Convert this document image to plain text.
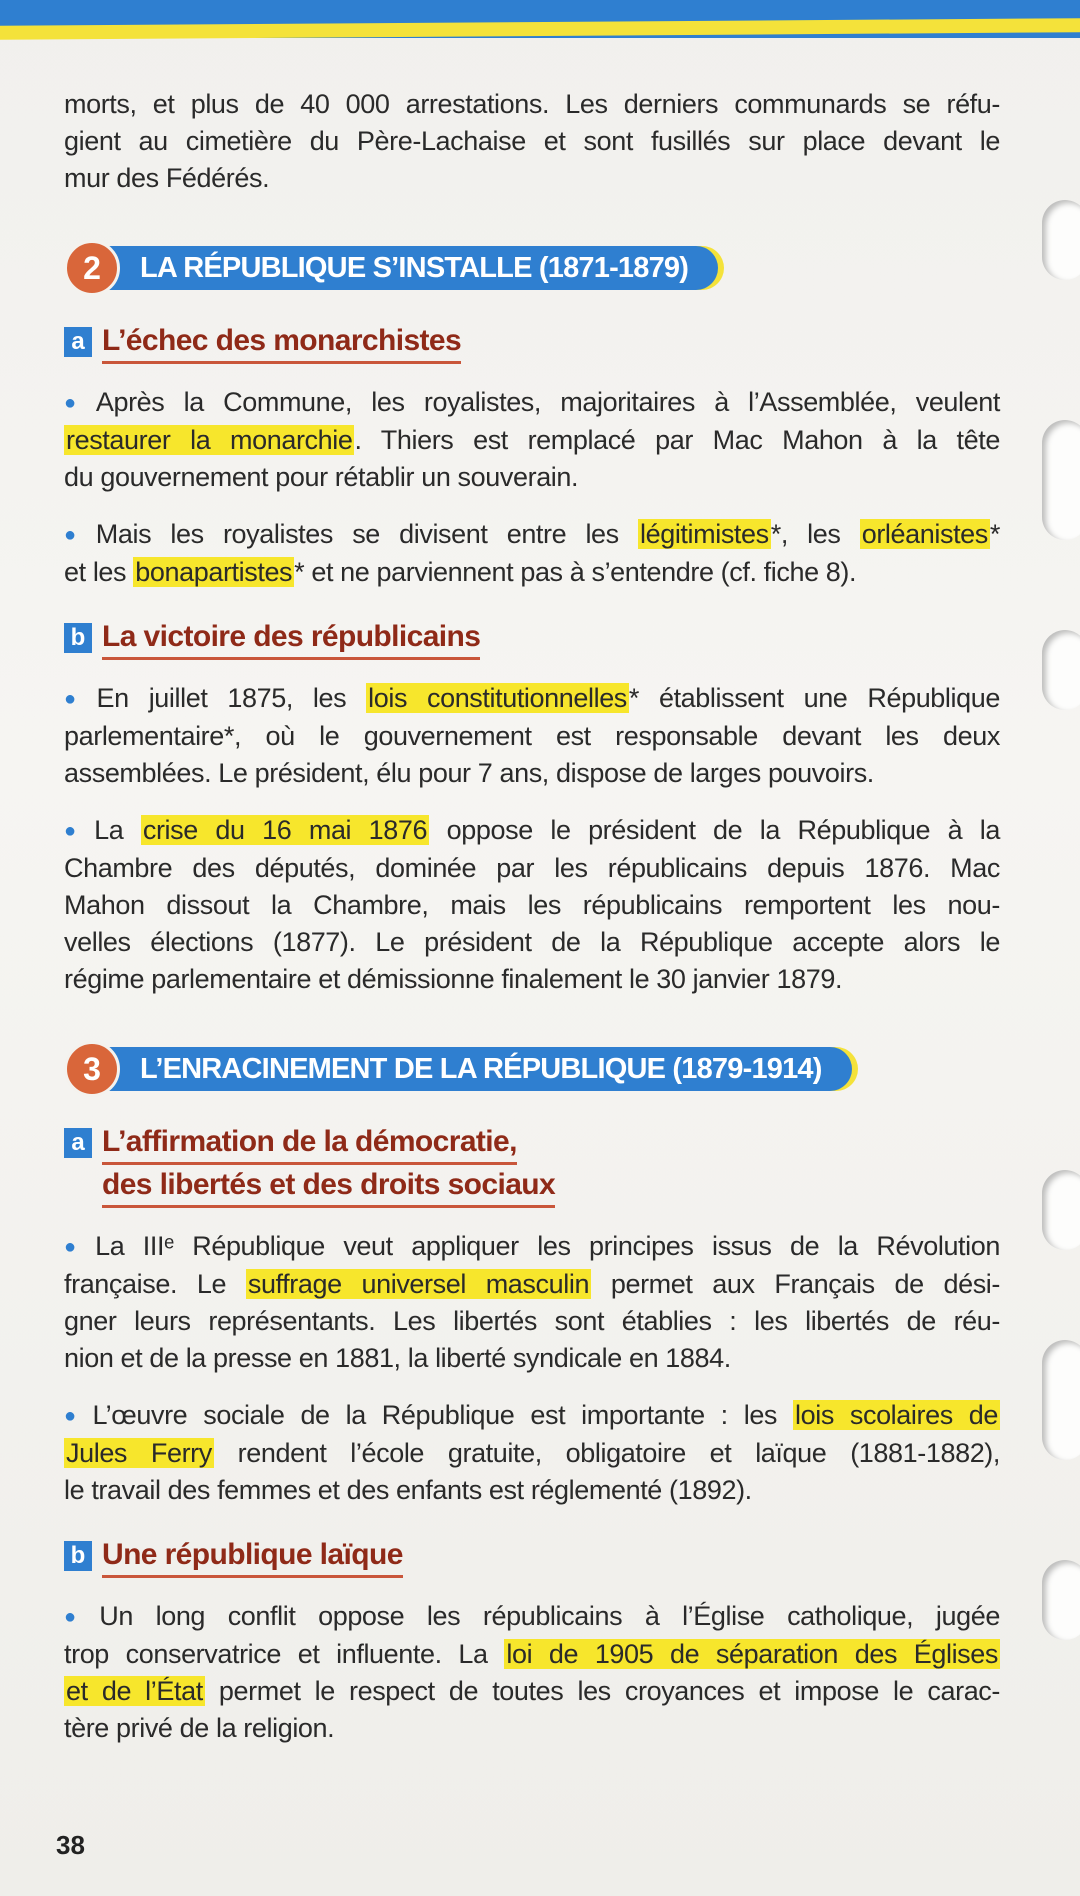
morts, et plus de 40 000 arrestations. Les derniers communards se réfu-
gient au cimetière du Père-Lachaise et sont fusillés sur place devant le
mur des Fédérés.
2	LA RÉPUBLIQUE S’INSTALLE (1871-1879)
a L’échec des monarchistes
● Après la Commune, les royalistes, majoritaires à l’Assemblée, veulent
restaurer la monarchie. Thiers est remplacé par Mac Mahon à la tête
du gouvernement pour rétablir un souverain.
● Mais les royalistes se divisent entre les légitimistes*, les orléanistes*
et les bonapartistes* et ne parviennent pas à s’entendre (cf. fiche 8).
b La victoire des républicains
● En juillet 1875, les lois constitutionnelles* établissent une République
parlementaire*, où le gouvernement est responsable devant les deux
assemblées. Le président, élu pour 7 ans, dispose de larges pouvoirs.
● La crise du 16 mai 1876 oppose le président de la République à la
Chambre des députés, dominée par les républicains depuis 1876. Mac
Mahon dissout la Chambre, mais les républicains remportent les nou-
velles élections (1877). Le président de la République accepte alors le
régime parlementaire et démissionne finalement le 30 janvier 1879.
3	L’ENRACINEMENT DE LA RÉPUBLIQUE (1879-1914)
a L’affirmation de la démocratie,
des libertés et des droits sociaux
● La IIIᵉ République veut appliquer les principes issus de la Révolution
française. Le suffrage universel masculin permet aux Français de dési-
gner leurs représentants. Les libertés sont établies : les libertés de réu-
nion et de la presse en 1881, la liberté syndicale en 1884.
● L’œuvre sociale de la République est importante : les lois scolaires de
Jules Ferry rendent l’école gratuite, obligatoire et laïque (1881-1882),
le travail des femmes et des enfants est réglementé (1892).
b Une république laïque
● Un long conflit oppose les républicains à l’Église catholique, jugée
trop conservatrice et influente. La loi de 1905 de séparation des Églises
et de l’État permet le respect de toutes les croyances et impose le carac-
tère privé de la religion.
38
